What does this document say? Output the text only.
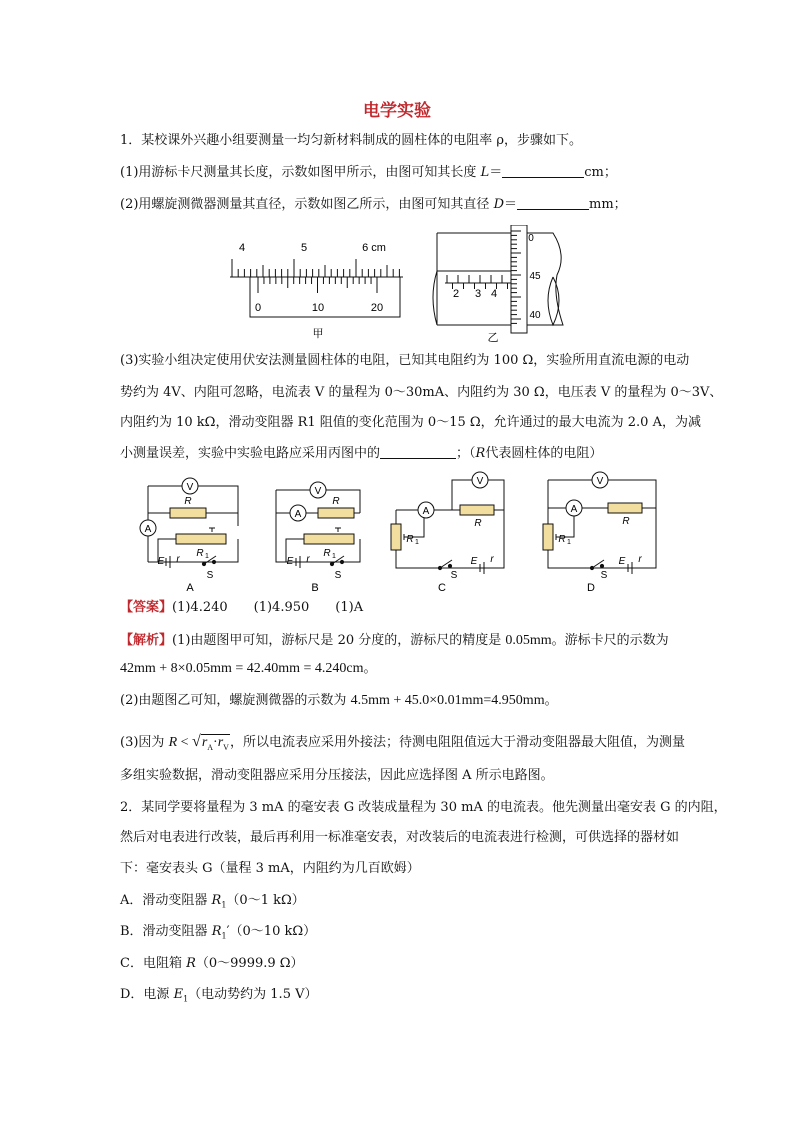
电学实验
1．某校课外兴趣小组要测量一均匀新材料制成的圆柱体的电阻率 ρ，步骤如下。
(1)用游标卡尺测量其长度，示数如图甲所示，由图可知其长度 L＝	cm；
(2)用螺旋测微器测量其直径，示数如图乙所示，由图可知其直径 D＝	mm；
4	5	6 cm
0	10	20
甲
2 3 4
0
45
40
乙
(3)实验小组决定使用伏安法测量圆柱体的电阻，已知其电阻约为 100 Ω，实验所用直流电源的电动
势约为 4V、内阻可忽略，电流表 V 的量程为 0～30mA、内阻约为 30 Ω，电压表 V 的量程为 0～3V、
内阻约为 10 kΩ，滑动变阻器 R1 阻值的变化范围为 0～15 Ω，允许通过的最大电流为 2.0 A，为减
小测量误差，实验中实验电路应采用丙图中的	；（R代表圆柱体的电阻）
V
A
R
R 1
E r
S
A
V
A
R
R 1
E r
S
B
A
V
R
R 1
E r
S
C
A
V
R
R 1
E r
S
D
【答案】(1)4.240　　(1)4.950　　(1)A
【解析】(1)由题图甲可知，游标尺是 20 分度的，游标尺的精度是 0.05mm。游标卡尺的示数为
42mm + 8×0.05mm = 42.40mm = 4.240cm。
(2)由题图乙可知，螺旋测微器的示数为 4.5mm + 45.0×0.01mm=4.950mm。
(3)因为 $R < √r_A\cdot r_V$，所以电流表应采用外接法；待测电阻阻值远大于滑动变阻器最大阻值，为测量
多组实验数据，滑动变阻器应采用分压接法，因此应选择图 A 所示电路图。
2．某同学要将量程为 3 mA 的毫安表 G 改装成量程为 30 mA 的电流表。他先测量出毫安表 G 的内阻，
然后对电表进行改装，最后再利用一标准毫安表，对改装后的电流表进行检测，可供选择的器材如
下：毫安表头 G（量程 3 mA，内阻约为几百欧姆）
A．滑动变阻器 $R_1(0\sim 1$ kΩ）
B．滑动变阻器 $R_1'(0\sim 10$ kΩ）
C．电阻箱 R（0～9999.9 Ω）
D．电源 $E_1$（电动势约为 1.5 V）
